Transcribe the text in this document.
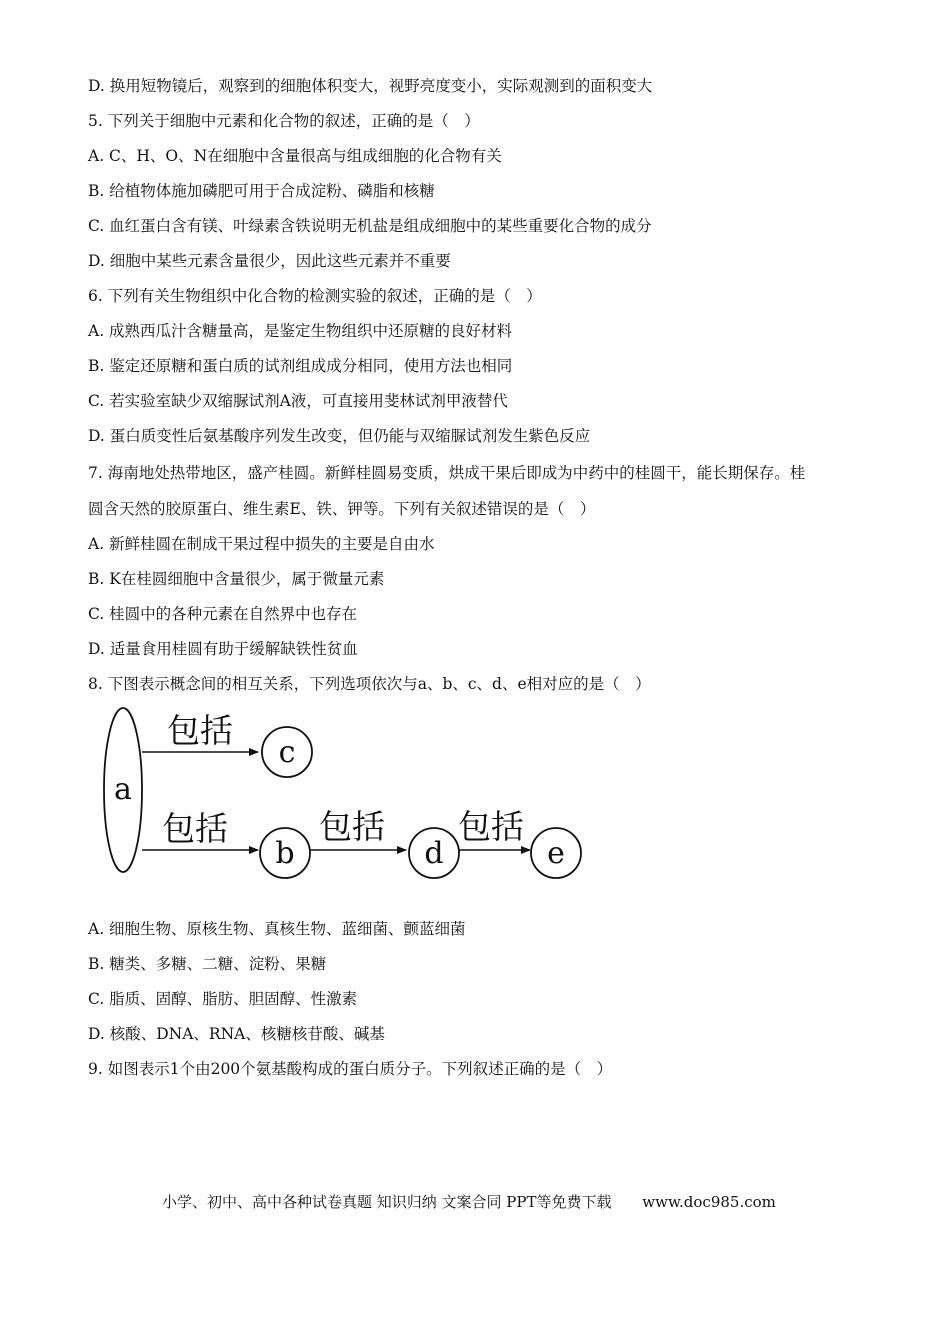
D. 换用短物镜后，观察到的细胞体积变大，视野亮度变小，实际观测到的面积变大
5. 下列关于细胞中元素和化合物的叙述，正确的是（　）
A. C、H、O、N在细胞中含量很高与组成细胞的化合物有关
B. 给植物体施加磷肥可用于合成淀粉、磷脂和核糖
C. 血红蛋白含有镁、叶绿素含铁说明无机盐是组成细胞中的某些重要化合物的成分
D. 细胞中某些元素含量很少，因此这些元素并不重要
6. 下列有关生物组织中化合物的检测实验的叙述，正确的是（　）
A. 成熟西瓜汁含糖量高，是鉴定生物组织中还原糖的良好材料
B. 鉴定还原糖和蛋白质的试剂组成成分相同，使用方法也相同
C. 若实验室缺少双缩脲试剂A液，可直接用斐林试剂甲液替代
D. 蛋白质变性后氨基酸序列发生改变，但仍能与双缩脲试剂发生紫色反应
7. 海南地处热带地区，盛产桂圆。新鲜桂圆易变质，烘成干果后即成为中药中的桂圆干，能长期保存。桂
圆含天然的胶原蛋白、维生素E、铁、钾等。下列有关叙述错误的是（　）
A. 新鲜桂圆在制成干果过程中损失的主要是自由水
B. K在桂圆细胞中含量很少，属于微量元素
C. 桂圆中的各种元素在自然界中也存在
D. 适量食用桂圆有助于缓解缺铁性贫血
8. 下图表示概念间的相互关系，下列选项依次与a、b、c、d、e相对应的是（　）
a
包括
c
包括
b
包括
d
包括
e
A. 细胞生物、原核生物、真核生物、蓝细菌、颤蓝细菌
B. 糖类、多糖、二糖、淀粉、果糖
C. 脂质、固醇、脂肪、胆固醇、性激素
D. 核酸、DNA、RNA、核糖核苷酸、碱基
9. 如图表示1个由200个氨基酸构成的蛋白质分子。下列叙述正确的是（　）
小学、初中、高中各种试卷真题 知识归纳 文案合同 PPT等免费下载 www.doc985.com
